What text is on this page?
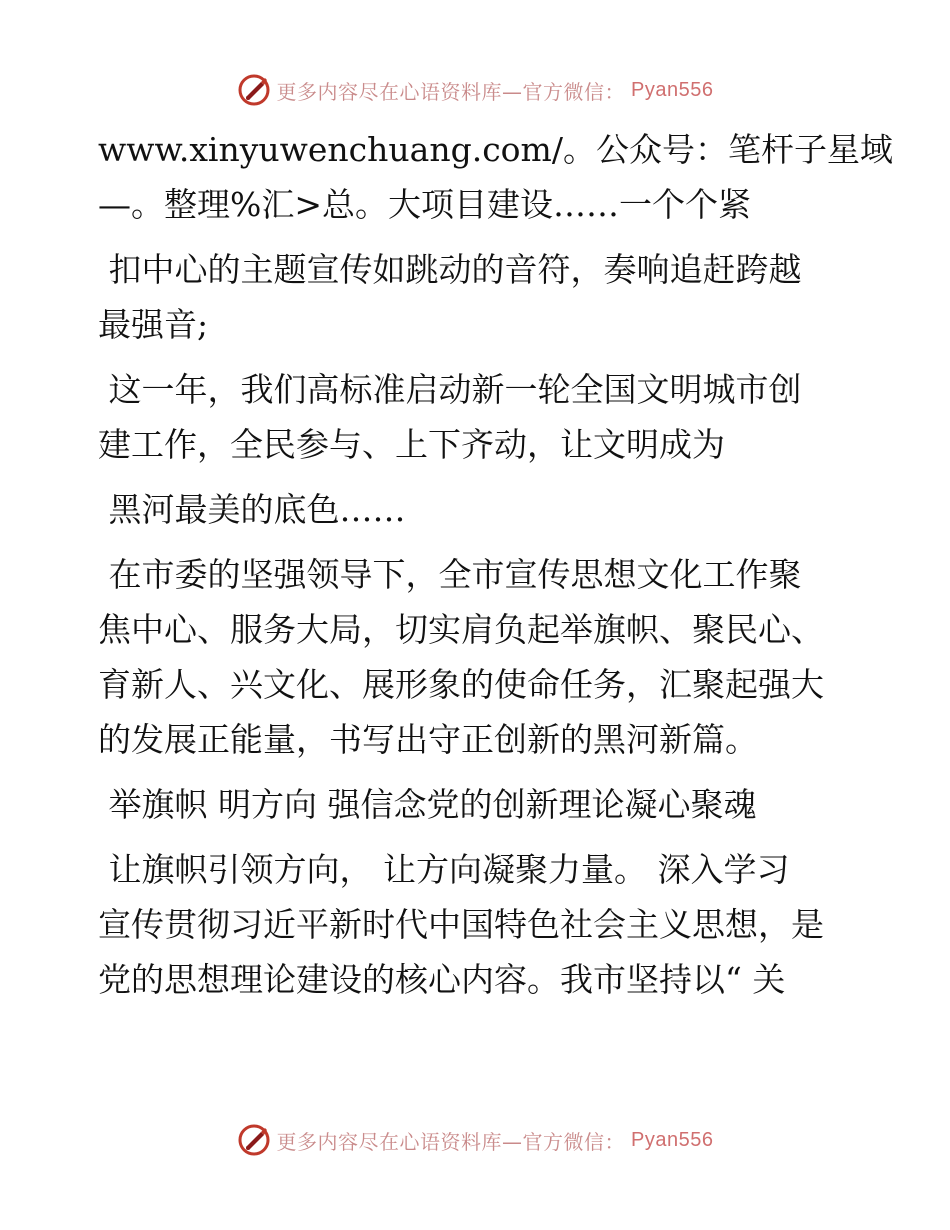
更多内容尽在心语资料库—官方微信： Pyan556
www.xinyuwenchuang.com/。公众号：笔杆子星域
—。整理%汇>总。大项目建设……一个个紧
扣中心的主题宣传如跳动的音符，奏响追赶跨越
最强音;
这一年，我们高标准启动新一轮全国文明城市创
建工作，全民参与、上下齐动，让文明成为
黑河最美的底色……
在市委的坚强领导下，全市宣传思想文化工作聚
焦中心、服务大局，切实肩负起举旗帜、聚民心、
育新人、兴文化、展形象的使命任务，汇聚起强大
的发展正能量，书写出守正创新的黑河新篇。
举旗帜 明方向 强信念党的创新理论凝心聚魂
让旗帜引领方向， 让方向凝聚力量。 深入学习
宣传贯彻习近平新时代中国特色社会主义思想，是
党的思想理论建设的核心内容。我市坚持以“ 关
更多内容尽在心语资料库—官方微信： Pyan556
